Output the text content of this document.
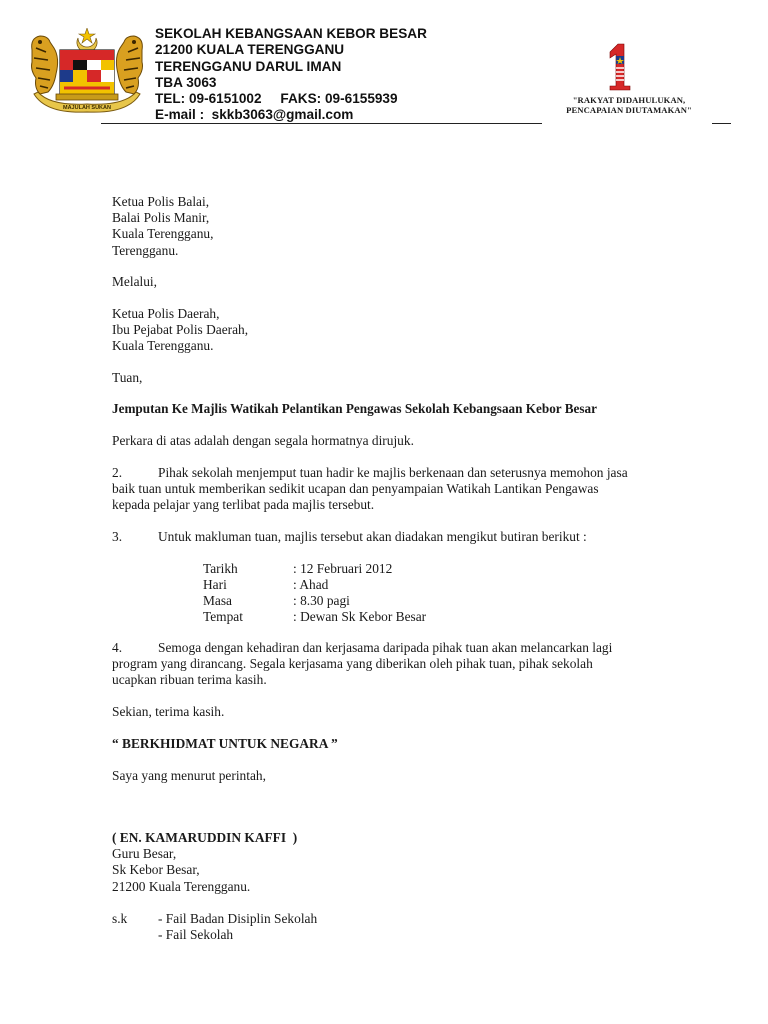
MAJULAH SUKAN
SEKOLAH KEBANGSAAN KEBOR BESAR
21200 KUALA TERENGGANU
TERENGGANU DARUL IMAN
TBA 3063
TEL: 09-6151002     FAKS: 09-6155939
E-mail :  skkb3063@gmail.com
"RAKYAT DIDAHULUKAN,
PENCAPAIAN DIUTAMAKAN"
Ketua Polis Balai,
Balai Polis Manir,
Kuala Terengganu,
Terengganu.
Melalui,
Ketua Polis Daerah,
Ibu Pejabat Polis Daerah,
Kuala Terengganu.
Tuan,
Jemputan Ke Majlis Watikah Pelantikan Pengawas Sekolah Kebangsaan Kebor Besar
Perkara di atas adalah dengan segala hormatnya dirujuk.
2.	Pihak sekolah menjemput tuan hadir ke majlis berkenaan dan seterusnya memohon jasa
baik tuan untuk memberikan sedikit ucapan dan penyampaian Watikah Lantikan Pengawas
kepada pelajar yang terlibat pada majlis tersebut.
3.	Untuk makluman tuan, majlis tersebut akan diadakan mengikut butiran berikut :
Tarikh	: 12 Februari 2012
Hari	: Ahad
Masa	: 8.30 pagi
Tempat	: Dewan Sk Kebor Besar
4.	Semoga dengan kehadiran dan kerjasama daripada pihak tuan akan melancarkan lagi
program yang dirancang. Segala kerjasama yang diberikan oleh pihak tuan, pihak sekolah
ucapkan ribuan terima kasih.
Sekian, terima kasih.
“ BERKHIDMAT UNTUK NEGARA ”
Saya yang menurut perintah,
( EN. KAMARUDDIN KAFFI  )
Guru Besar,
Sk Kebor Besar,
21200 Kuala Terengganu.
s.k - Fail Badan Disiplin Sekolah
- Fail Sekolah
